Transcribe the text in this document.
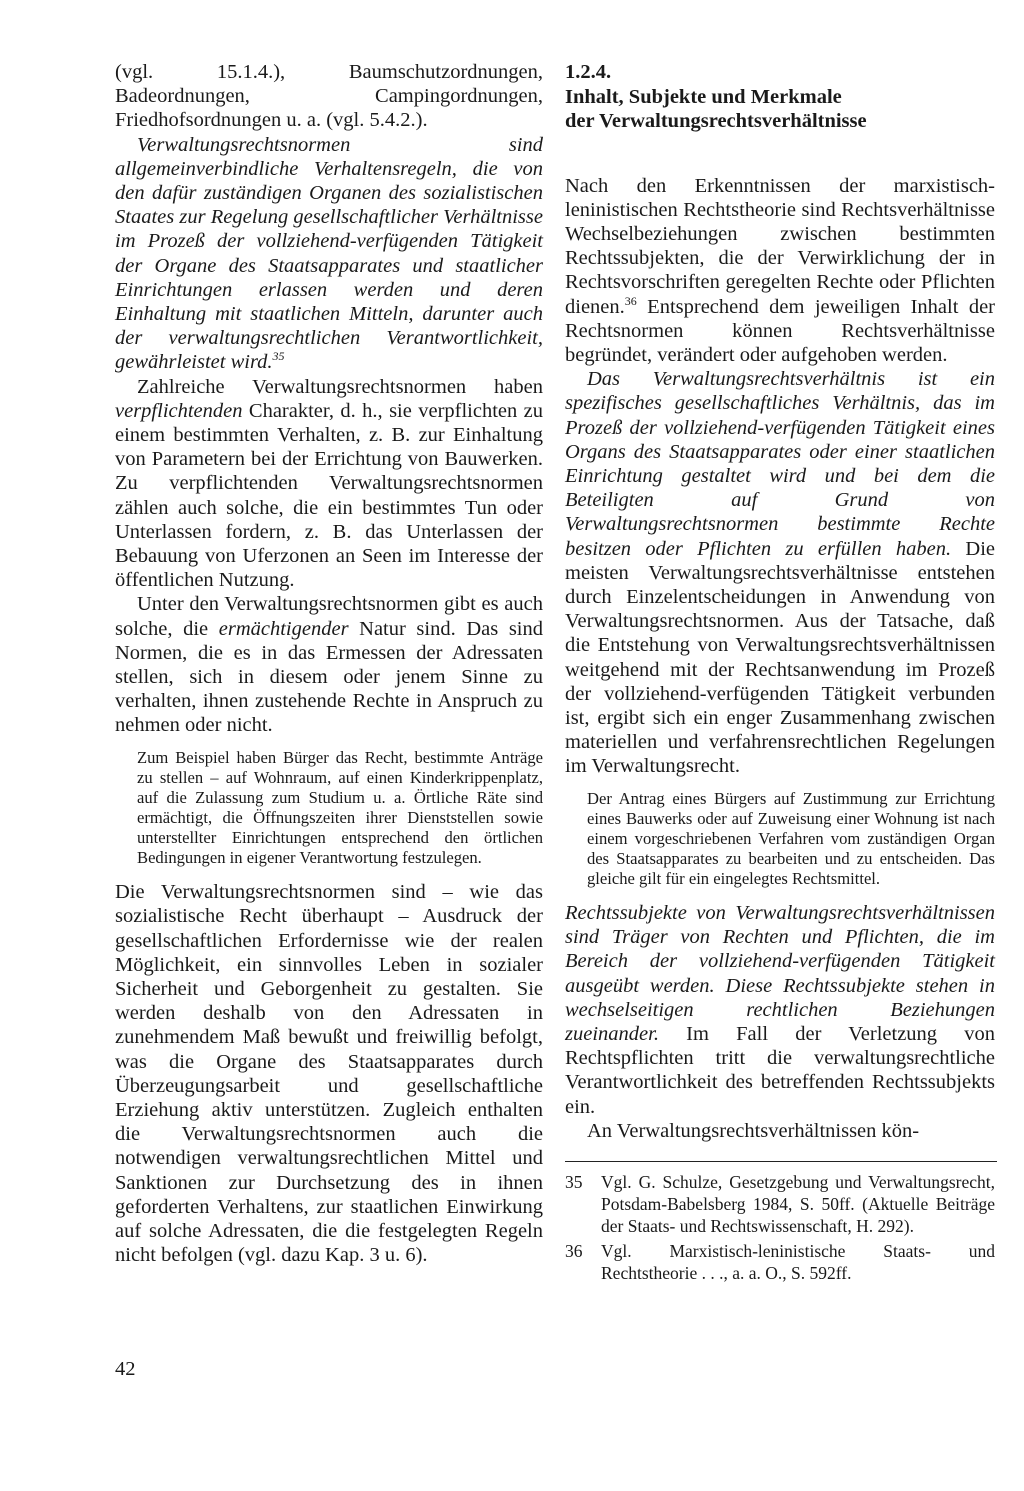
(vgl. 15.1.4.), Baumschutzordnungen, Badeordnungen, Campingordnungen, Friedhofsordnungen u. a. (vgl. 5.4.2.).

Verwaltungsrechtsnormen sind allgemeinverbindliche Verhaltensregeln, die von den dafür zuständigen Organen des sozialistischen Staates zur Regelung gesellschaftlicher Verhältnisse im Prozeß der vollziehend-verfügenden Tätigkeit der Organe des Staatsapparates und staatlicher Einrichtungen erlassen werden und deren Einhaltung mit staatlichen Mitteln, darunter auch der verwaltungsrechtlichen Verantwortlichkeit, gewährleistet wird.$^{35}$

Zahlreiche Verwaltungsrechtsnormen haben verpflichtenden Charakter, d. h., sie verpflichten zu einem bestimmten Verhalten, z. B. zur Einhaltung von Parametern bei der Errichtung von Bauwerken. Zu verpflichtenden Verwaltungsrechtsnormen zählen auch solche, die ein bestimmtes Tun oder Unterlassen fordern, z. B. das Unterlassen der Bebauung von Uferzonen an Seen im Interesse der öffentlichen Nutzung.

Unter den Verwaltungsrechtsnormen gibt es auch solche, die ermächtigender Natur sind. Das sind Normen, die es in das Ermessen der Adressaten stellen, sich in diesem oder jenem Sinne zu verhalten, ihnen zustehende Rechte in Anspruch zu nehmen oder nicht.

Zum Beispiel haben Bürger das Recht, bestimmte Anträge zu stellen – auf Wohnraum, auf einen Kinderkrippenplatz, auf die Zulassung zum Studium u. a. Örtliche Räte sind ermächtigt, die Öffnungszeiten ihrer Dienststellen sowie unterstellter Einrichtungen entsprechend den örtlichen Bedingungen in eigener Verantwortung festzulegen.

Die Verwaltungsrechtsnormen sind – wie das sozialistische Recht überhaupt – Ausdruck der gesellschaftlichen Erfordernisse wie der realen Möglichkeit, ein sinnvolles Leben in sozialer Sicherheit und Geborgenheit zu gestalten. Sie werden deshalb von den Adressaten in zunehmendem Maß bewußt und freiwillig befolgt, was die Organe des Staatsapparates durch Überzeugungsarbeit und gesellschaftliche Erziehung aktiv unterstützen. Zugleich enthalten die Verwaltungsrechtsnormen auch die notwendigen verwaltungsrechtlichen Mittel und Sanktionen zur Durchsetzung des in ihnen geforderten Verhaltens, zur staatlichen Einwirkung auf solche Adressaten, die die festgelegten Regeln nicht befolgen (vgl. dazu Kap. 3 u. 6).

1.2.4.
Inhalt, Subjekte und Merkmale
der Verwaltungsrechtsverhältnisse

Nach den Erkenntnissen der marxistisch-leninistischen Rechtstheorie sind Rechtsverhältnisse Wechselbeziehungen zwischen bestimmten Rechtssubjekten, die der Verwirklichung der in Rechtsvorschriften geregelten Rechte oder Pflichten dienen.$^{36}$ Entsprechend dem jeweiligen Inhalt der Rechtsnormen können Rechtsverhältnisse begründet, verändert oder aufgehoben werden.

Das Verwaltungsrechtsverhältnis ist ein spezifisches gesellschaftliches Verhältnis, das im Prozeß der vollziehend-verfügenden Tätigkeit eines Organs des Staatsapparates oder einer staatlichen Einrichtung gestaltet wird und bei dem die Beteiligten auf Grund von Verwaltungsrechtsnormen bestimmte Rechte besitzen oder Pflichten zu erfüllen haben. Die meisten Verwaltungsrechtsverhältnisse entstehen durch Einzelentscheidungen in Anwendung von Verwaltungsrechtsnormen. Aus der Tatsache, daß die Entstehung von Verwaltungsrechtsverhältnissen weitgehend mit der Rechtsanwendung im Prozeß der vollziehend-verfügenden Tätigkeit verbunden ist, ergibt sich ein enger Zusammenhang zwischen materiellen und verfahrensrechtlichen Regelungen im Verwaltungsrecht.

Der Antrag eines Bürgers auf Zustimmung zur Errichtung eines Bauwerks oder auf Zuweisung einer Wohnung ist nach einem vorgeschriebenen Verfahren vom zuständigen Organ des Staatsapparates zu bearbeiten und zu entscheiden. Das gleiche gilt für ein eingelegtes Rechtsmittel.

Rechtssubjekte von Verwaltungsrechtsverhältnissen sind Träger von Rechten und Pflichten, die im Bereich der vollziehend-verfügenden Tätigkeit ausgeübt werden. Diese Rechtssubjekte stehen in wechselseitigen rechtlichen Beziehungen zueinander. Im Fall der Verletzung von Rechtspflichten tritt die verwaltungsrechtliche Verantwortlichkeit des betreffenden Rechtssubjekts ein.

An Verwaltungsrechtsverhältnissen kön-

35	Vgl. G. Schulze, Gesetzgebung und Verwaltungsrecht, Potsdam-Babelsberg 1984, S. 50ff. (Aktuelle Beiträge der Staats- und Rechtswissenschaft, H. 292).
36	Vgl. Marxistisch-leninistische Staats- und Rechtstheorie . . ., a. a. O., S. 592ff.
42
